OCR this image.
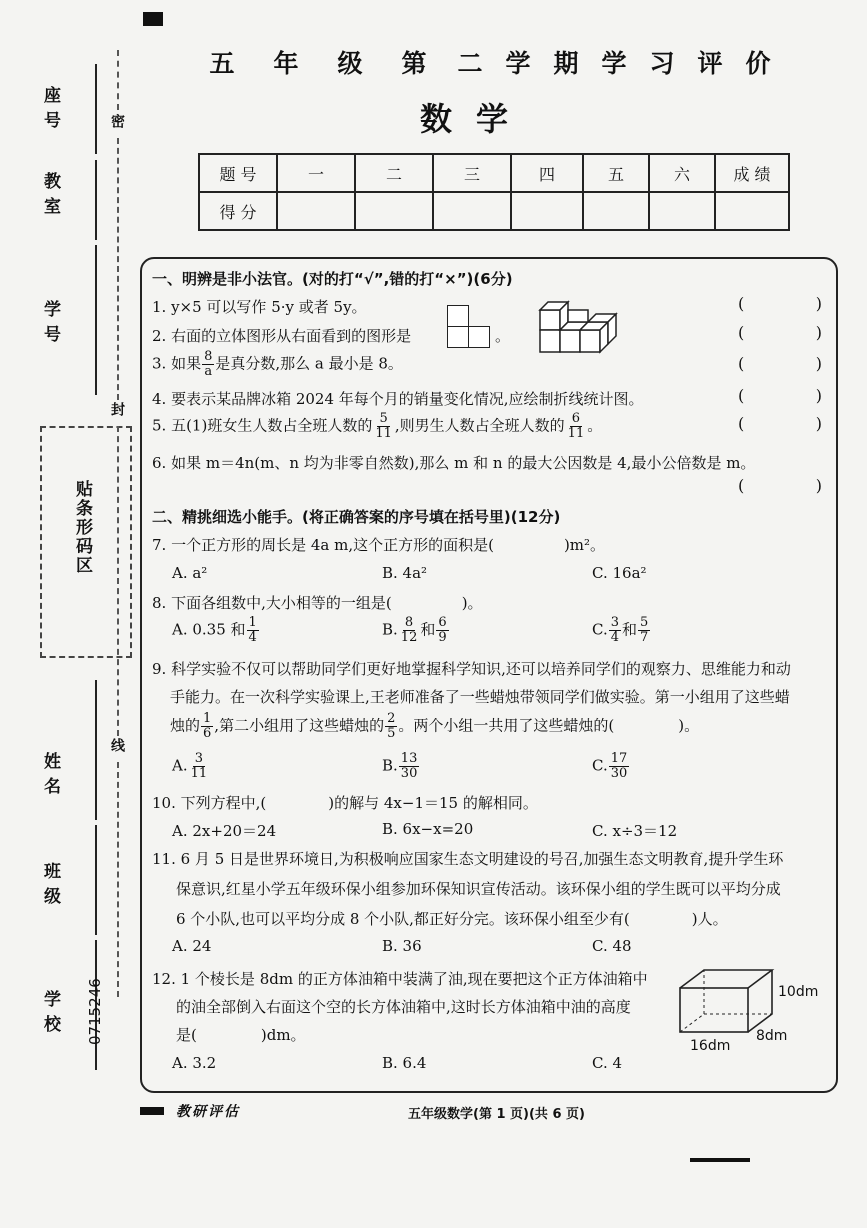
座号
教室
学号
姓名
班级
学校
贴条形码区
密
封
线
0715246
五 年 级 第 二 学 期 学 习 评 价
数学
题 号	一	二	三	四	五	六	成 绩
得 分							
一、明辨是非小法官。(对的打“√”,错的打“×”)(6分)
1. y×5 可以写作 5·y 或者 5y。	(	)
2. 右面的立体图形从右面看到的图形是	。	(	)
3. 如果 $\frac{8}{a}$ 是真分数,那么 a 最小是 8。	(	)
4. 要表示某品牌冰箱 2024 年每个月的销量变化情况,应绘制折线统计图。	(	)
5. 五(1)班女生人数占全班人数的 $\frac{5}{11}$ ,则男生人数占全班人数的 $\frac{6}{11}$ 。	(	)
6. 如果 m＝4n(m、n 均为非零自然数),那么 m 和 n 的最大公因数是 4,最小公倍数是 m。
(	)
二、精挑细选小能手。(将正确答案的序号填在括号里)(12分)
7. 一个正方形的周长是 4a m,这个正方形的面积是(	)m²。
A. a²	B. 4a²	C. 16a²
8. 下面各组数中,大小相等的一组是(	)。
A. 0.35 和 $\frac{1}{4}$	B. $\frac{8}{12}$ 和 $\frac{6}{9}$	C. $\frac{3}{4}$ 和 $\frac{5}{7}$
9. 科学实验不仅可以帮助同学们更好地掌握科学知识,还可以培养同学们的观察力、思维能力和动
手能力。在一次科学实验课上,王老师准备了一些蜡烛带领同学们做实验。第一小组用了这些蜡
烛的 $\frac{1}{6}$ ,第二小组用了这些蜡烛的 $\frac{2}{5}$ 。两个小组一共用了这些蜡烛的(	)。
A. $\frac{3}{11}$	B. $\frac{13}{30}$	C. $\frac{17}{30}$
10. 下列方程中,(	)的解与 4x−1＝15 的解相同。
A. 2x+20＝24	B. 6x−x=20	C. x÷3＝12
11. 6 月 5 日是世界环境日,为积极响应国家生态文明建设的号召,加强生态文明教育,提升学生环
保意识,红星小学五年级环保小组参加环保知识宣传活动。该环保小组的学生既可以平均分成
6 个小队,也可以平均分成 8 个小队,都正好分完。该环保小组至少有(	)人。
A. 24	B. 36	C. 48
12. 1 个棱长是 8dm 的正方体油箱中装满了油,现在要把这个正方体油箱中
的油全部倒入右面这个空的长方体油箱中,这时长方体油箱中油的高度
是(	)dm。
A. 3.2	B. 6.4	C. 4
10dm
8dm
16dm
教研评估	五年级数学(第 1 页)(共 6 页)
